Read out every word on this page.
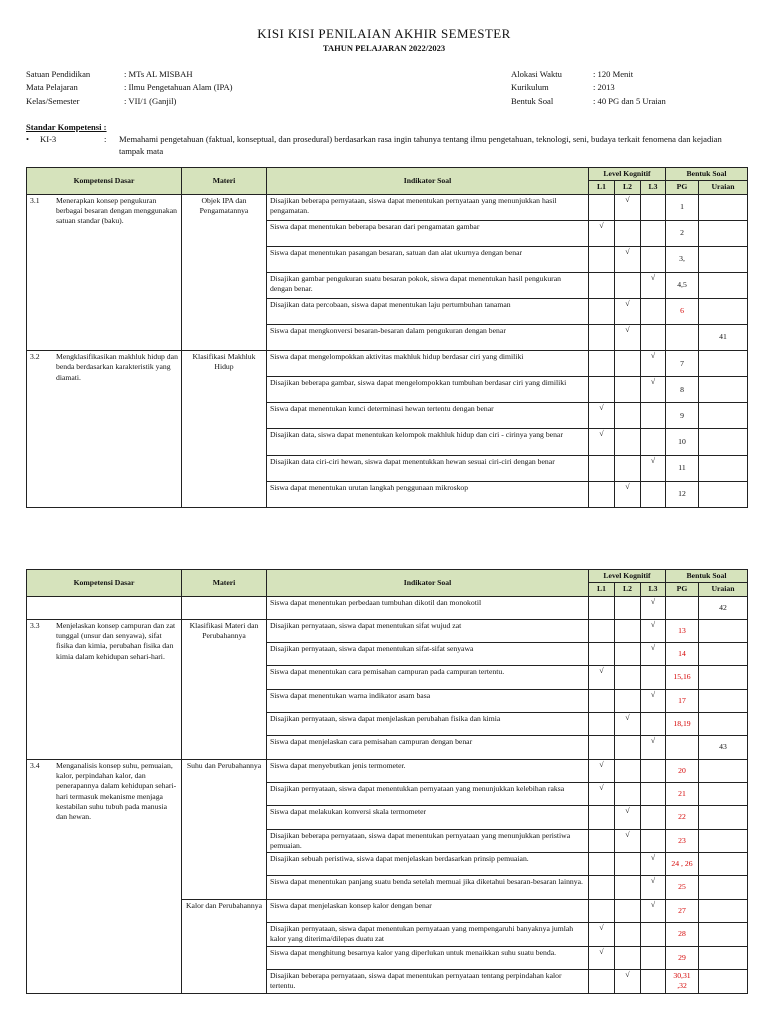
KISI KISI PENILAIAN AKHIR SEMESTER
TAHUN PELAJARAN 2022/2023
Satuan Pendidikan	: MTs AL MISBAH
Mata Pelajaran	: Ilmu Pengetahuan Alam (IPA)
Kelas/Semester	: VII/1 (Ganjil)
Alokasi Waktu	: 120 Menit
Kurikulum	: 2013
Bentuk Soal	: 40 PG dan 5 Uraian
Standar Kompetensi :
• KI-3	: Memahami pengetahuan (faktual, konseptual, dan prosedural) berdasarkan rasa ingin tahunya tentang ilmu pengetahuan, teknologi, seni, budaya terkait fenomena dan kejadian tampak mata
Kompetensi Dasar	Materi	Indikator Soal	Level Kognitif			Bentuk Soal	
			L1	L2	L3	PG	Uraian

3.1 Menerapkan konsep pengukuran berbagai besaran dengan menggunakan satuan standar (baku).	Objek IPA dan Pengamatannya	Disajikan beberapa pernyataan, siswa dapat menentukan pernyataan yang menunjukkan hasil pengamatan.		√		1	
		Siswa dapat menentukan beberapa besaran dari pengamatan gambar	√			2	
		Siswa dapat menentukan pasangan besaran, satuan dan alat ukurnya dengan benar		√		3,	
		Disajikan gambar pengukuran suatu besaran pokok, siswa dapat menentukan hasil pengukuran dengan benar.			√	4,5	
		Disajikan data percobaan, siswa dapat menentukan laju pertumbuhan tanaman		√		6	
		Siswa dapat mengkonversi besaran-besaran dalam pengukuran dengan benar		√			41

3.2 Mengklasifikasikan makhluk hidup dan benda berdasarkan karakteristik yang diamati.	Klasifikasi Makhluk Hidup	Siswa dapat mengelompokkan aktivitas makhluk hidup berdasar ciri yang dimiliki			√	7	
		Disajikan beberapa gambar, siswa dapat mengelompokkan tumbuhan berdasar ciri yang dimiliki			√	8	
		Siswa dapat menentukan kunci determinasi hewan tertentu dengan benar	√			9	
		Disajikan data, siswa dapat menentukan kelompok makhluk hidup dan ciri - cirinya yang benar	√			10	
		Disajikan data ciri-ciri hewan, siswa dapat menentukkan hewan sesuai ciri-ciri dengan benar			√	11	
		Siswa dapat menentukan urutan langkah penggunaan mikroskop		√		12	
Kompetensi Dasar	Materi	Indikator Soal	Level Kognitif			Bentuk Soal	
			L1	L2	L3	PG	Uraian
		Siswa dapat menentukan perbedaan tumbuhan dikotil dan monokotil			√		42

3.3 Menjelaskan konsep campuran dan zat tunggal (unsur dan senyawa), sifat fisika dan kimia, perubahan fisika dan kimia dalam kehidupan sehari-hari.	Klasifikasi Materi dan Perubahannya	Disajikan pernyataan, siswa dapat menentukan sifat wujud zat			√	13	
		Disajikan pernyataan, siswa dapat menentukan sifat-sifat senyawa			√	14	
		Siswa dapat menentukan cara pemisahan campuran pada campuran tertentu.	√			15,16	
		Siswa dapat menentukan warna indikator asam basa			√	17	
		Disajikan pernyataan, siswa dapat menjelaskan perubahan fisika dan kimia		√		18,19	
		Siswa dapat menjelaskan cara pemisahan campuran dengan benar			√		43

3.4 Menganalisis konsep suhu, pemuaian, kalor, perpindahan kalor, dan penerapannya dalam kehidupan sehari-hari termasuk mekanisme menjaga kestabilan suhu tubuh pada manusia dan hewan.	Suhu dan Perubahannya	Siswa dapat menyebutkan jenis termometer.	√			20	
		Disajikan pernyataan, siswa dapat menentukkan pernyataan yang menunjukkan kelebihan raksa	√			21	
		Siswa dapat melakukan konversi skala termometer		√		22	
		Disajikan beberapa pernyataan, siswa dapat menentukan pernyataan yang menunjukkan peristiwa pemuaian.		√		23	
		Disajikan sebuah peristiwa, siswa dapat menjelaskan berdasarkan prinsip pemuaian.			√	24 , 26	
		Siswa dapat menentukan panjang suatu benda setelah memuai jika diketahui besaran-besaran lainnya.			√	25	
	Kalor dan Perubahannya	Siswa dapat menjelaskan konsep kalor dengan benar			√	27	
		Disajikan pernyataan, siswa dapat menentukan pernyataan yang mempengaruhi banyaknya jumlah kalor yang diterima/dilepas duatu zat	√			28	
		Siswa dapat menghitung besarnya kalor yang diperlukan untuk menaikkan suhu suatu benda.	√			29	
		Disajikan beberapa pernyataan, siswa dapat menentukan pernyataan tentang perpindahan kalor tertentu.		√		30,31 ,32	
